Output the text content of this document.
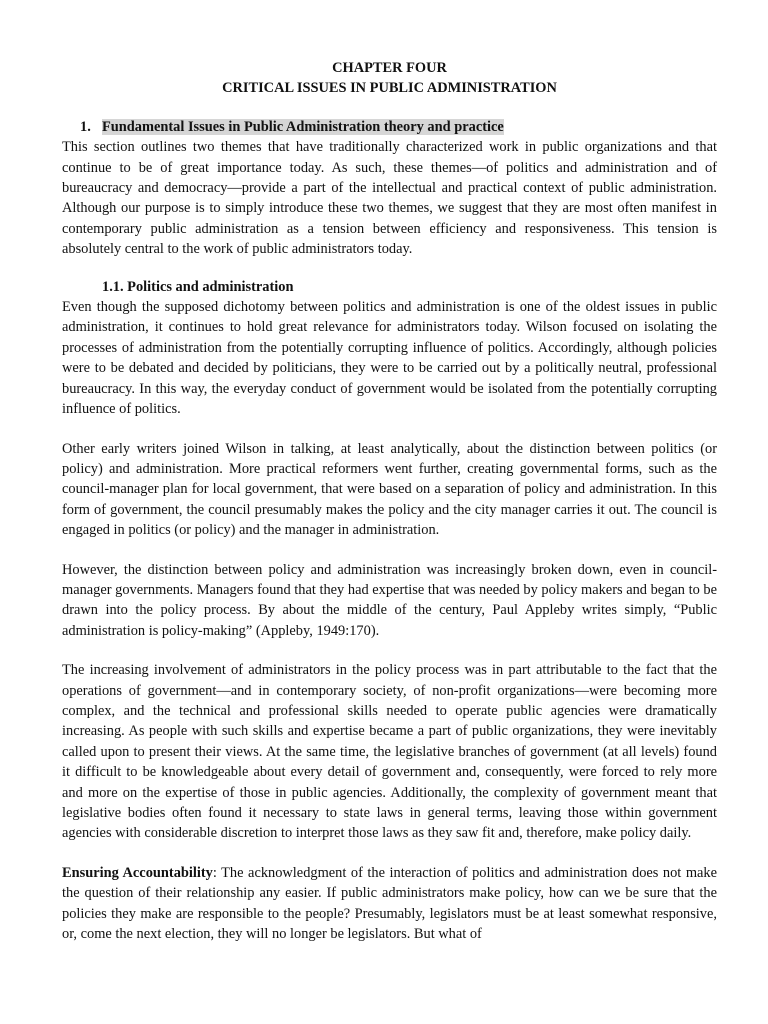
CHAPTER FOUR
CRITICAL ISSUES IN PUBLIC ADMINISTRATION
1. Fundamental Issues in Public Administration theory and practice

This section outlines two themes that have traditionally characterized work in public organizations and that continue to be of great importance today. As such, these themes—of politics and administration and of bureaucracy and democracy—provide a part of the intellectual and practical context of public administration. Although our purpose is to simply introduce these two themes, we suggest that they are most often manifest in contemporary public administration as a tension between efficiency and responsiveness. This tension is absolutely central to the work of public administrators today.

1.1. Politics and administration

Even though the supposed dichotomy between politics and administration is one of the oldest issues in public administration, it continues to hold great relevance for administrators today. Wilson focused on isolating the processes of administration from the potentially corrupting influence of politics. Accordingly, although policies were to be debated and decided by politicians, they were to be carried out by a politically neutral, professional bureaucracy. In this way, the everyday conduct of government would be isolated from the potentially corrupting influence of politics.

Other early writers joined Wilson in talking, at least analytically, about the distinction between politics (or policy) and administration. More practical reformers went further, creating governmental forms, such as the council-manager plan for local government, that were based on a separation of policy and administration. In this form of government, the council presumably makes the policy and the city manager carries it out. The council is engaged in politics (or policy) and the manager in administration.

However, the distinction between policy and administration was increasingly broken down, even in council-manager governments. Managers found that they had expertise that was needed by policy makers and began to be drawn into the policy process. By about the middle of the century, Paul Appleby writes simply, “Public administration is policy-making” (Appleby, 1949:170).

The increasing involvement of administrators in the policy process was in part attributable to the fact that the operations of government—and in contemporary society, of non-profit organizations—were becoming more complex, and the technical and professional skills needed to operate public agencies were dramatically increasing. As people with such skills and expertise became a part of public organizations, they were inevitably called upon to present their views. At the same time, the legislative branches of government (at all levels) found it difficult to be knowledgeable about every detail of government and, consequently, were forced to rely more and more on the expertise of those in public agencies. Additionally, the complexity of government meant that legislative bodies often found it necessary to state laws in general terms, leaving those within government agencies with considerable discretion to interpret those laws as they saw fit and, therefore, make policy daily.

Ensuring Accountability: The acknowledgment of the interaction of politics and administration does not make the question of their relationship any easier. If public administrators make policy, how can we be sure that the policies they make are responsible to the people? Presumably, legislators must be at least somewhat responsive, or, come the next election, they will no longer be legislators. But what of
